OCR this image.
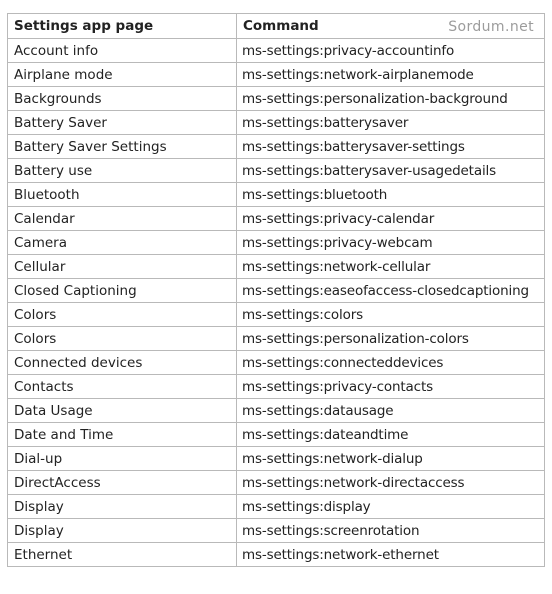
Settings app page	Command
Account info	ms-settings:privacy-accountinfo
Airplane mode	ms-settings:network-airplanemode
Backgrounds	ms-settings:personalization-background
Battery Saver	ms-settings:batterysaver
Battery Saver Settings	ms-settings:batterysaver-settings
Battery use	ms-settings:batterysaver-usagedetails
Bluetooth	ms-settings:bluetooth
Calendar	ms-settings:privacy-calendar
Camera	ms-settings:privacy-webcam
Cellular	ms-settings:network-cellular
Closed Captioning	ms-settings:easeofaccess-closedcaptioning
Colors	ms-settings:colors
Colors	ms-settings:personalization-colors
Connected devices	ms-settings:connecteddevices
Contacts	ms-settings:privacy-contacts
Data Usage	ms-settings:datausage
Date and Time	ms-settings:dateandtime
Dial-up	ms-settings:network-dialup
DirectAccess	ms-settings:network-directaccess
Display	ms-settings:display
Display	ms-settings:screenrotation
Ethernet	ms-settings:network-ethernet
Sordum.net
